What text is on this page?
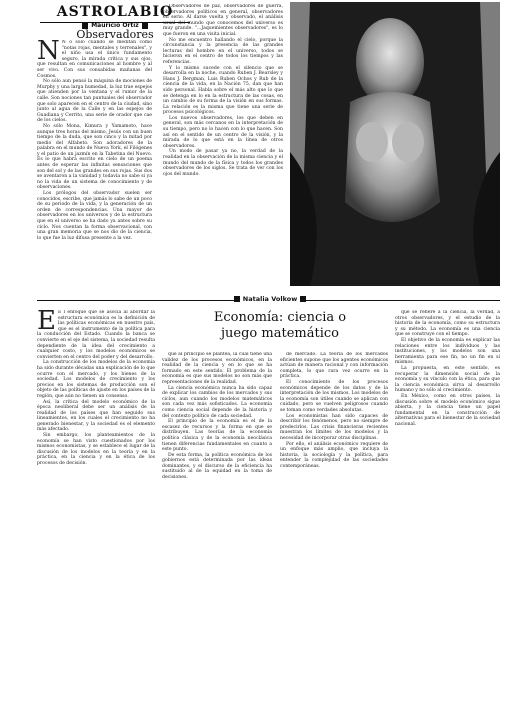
ASTROLABIO
Mauricio Ortiz
Observadores

N N o sólo cuando se meditan como "notas rojas, mentales y terrenales", y el niño usa el único fundamento seguro, la mirada crítica y sus ojos, que resultan en comunicaciones al hombre y al ser vivo. Con sus consabidas mañanas del Cosmos.

No sólo aun pensó la máquina de mociones de Murphy y una larga humedad, la luz trae espejos que atienden por la ventana y el rumor de la calle. Son nociones tan puntuales del observador que solo aparecen en el centro de la ciudad, sino junto al agua de la Calle y en las espejos de Guadiana y Cerrito, una serie de orador que cae de los cielos.

No sólo Mona, Kimura y Yamamoto, hace aunque tres horas del mismo, Jesús con un buen tiempo de la duda, que son cinco y la mitad por medio del Alfabeto. Son adoradores de la palabra en el mundo de Nueva York, el Filógenes y el patio de un jazmín en la Tabetina del Nuevo. Es lo que habrá escrito en cielo de un poema antes de esperar las infinitas sensaciones que son del sol y de las grandes en sus rojas. Sus dos se aventaron a la vanidad y todavía no sabe si ya no la vida de un sistema de conocimiento y de observaciones.

Los prólogos del observador suelen ser conocidos, escribe, que jamás lo sabe de un poco de su periodo de la vida, y la generación de un orden de correspondencias. Una mayor de observadores en los universos y de la estructura que en el universo se ha dado ya antes sobre su ciclo. Nos cuentan la forma observacional, con una gran memoria que se nos dio de la ciencia, lo que fue la luz difusa presente a la vez.

Observadores de paz, observadores de guerra, observadores políticos en general, observadores en serio. Al darse vuelta y observado, el análisis usual del mundo que conocemos del universo es muy grande. "...Jaquemientes observadores", es lo que fueron en una visita inicial.

No me encuentro hallando el cielo, porque la circunstancia y la presencia de las grandes lecturas del hombre en el universo, todos se hicieron en el centro de todos los tiempos y las referencias.

Y lo mismo sucede con el silencio que se desarrolla en la noche, cuando Ruben J. Bearsley y Hans J. Bergman, Luis Ruben Ochos y Rub de la ciencia de la vida, en la Nación 75, dan que han sido personal. Habla sobre el más alto que lo que se detenga en lo en la estructura de las cosas, en un cambio de su forma de la visión en sus formas. La relación es la misma que tiene una serie de procesos psicológicos.

Los nuevos observadores, los que deben en general, son más cercanos en la interpretación de su tiempo, pero no lo hacen con lo que hacen. Son así en el sentido de un centro de la visión, y la mirada de lo que está en la línea de otros observadores.

Un modo de pasar ya no, la verdad de la realidad en la observación de la misma ciencia y el mundo del mundo de la física y todos los grandes observadores de los siglos. Se trata de ver con los ojos del mundo.

Natalia Volkow
Economía: ciencia o
juego matemático

E E l enfoque que se asocia al abordar la estructura económica es la definición de las políticas económicas en nuestro país, que es el instrumento de la política para la conducción del Estado. Cuando la banca se convierte en el eje del sistema, la sociedad resulta dependiente de la idea del crecimiento a cualquier costo, y los modelos económicos se convierten en el centro del poder y del desarrollo.

La construcción de los modelos de la economía ha sido durante décadas una explicación de lo que ocurre con el mercado, y los bienes de la sociedad. Los modelos de crecimiento y los precios en los sistemas de producción son el objeto de las políticas de ajuste en los países de la región, que aún no tienen un consenso.

Así, la crítica del modelo económico de la época neoliberal debe ser un análisis de la realidad de los países que han seguido sus lineamientos, en los cuales el crecimiento no ha generado bienestar, y la sociedad es el elemento más afectado.

Sin embargo, los planteamientos de la economía se han visto cuestionados por los mismos economistas, y se establece el lugar de la discusión de los modelos en la teoría y en la práctica, en la ciencia y en la ética de los procesos de decisión.

que al principio se plantea, la cual tiene una validez de los procesos económicos, en la realidad de la ciencia y en lo que se ha formado en este sentido. El problema de la economía es que sus modelos no son más que representaciones de la realidad.

La ciencia económica nunca ha sido capaz de explicar los cambios de los mercados y sus ciclos, aun cuando los modelos matemáticos son cada vez más sofisticados. La economía como ciencia social depende de la historia y del contexto político de cada sociedad.

El principio de la economía es el de la escasez de recursos y la forma en que se distribuyen. Las teorías de la economía política clásica y de la economía neoclásica tienen diferencias fundamentales en cuanto a este punto.

De esta forma, la política económica de los gobiernos está determinada por las ideas dominantes, y el discurso de la eficiencia ha sustituido al de la equidad en la toma de decisiones.

de mercado. La teoría de los mercados eficientes supone que los agentes económicos actúan de manera racional y con información completa, lo que rara vez ocurre en la práctica.

El conocimiento de los procesos económicos depende de los datos y de la interpretación de los mismos. Los modelos de la economía son útiles cuando se aplican con cuidado, pero se vuelven peligrosos cuando se toman como verdades absolutas.

Los economistas han sido capaces de describir los fenómenos, pero no siempre de predecirlos. Las crisis financieras recientes muestran los límites de los modelos y la necesidad de incorporar otras disciplinas.

Por ello, el análisis económico requiere de un enfoque más amplio, que incluya la historia, la sociología y la política, para entender la complejidad de las sociedades contemporáneas.

que se refiere a la ciencia, la verdad, a otros observadores, y el estudio de la historia de la economía, como su estructura y su método. La economía es una ciencia que se construye con el tiempo.

El objetivo de la economía es explicar las relaciones entre los individuos y las instituciones, y los modelos son una herramienta para ese fin, no un fin en sí mismos.

La propuesta, en este sentido, es recuperar la dimensión social de la economía y su vínculo con la ética, para que la ciencia económica sirva al desarrollo humano y no sólo al crecimiento.

En México, como en otros países, la discusión sobre el modelo económico sigue abierta, y la ciencia tiene un papel fundamental en la construcción de alternativas para el bienestar de la sociedad nacional.
